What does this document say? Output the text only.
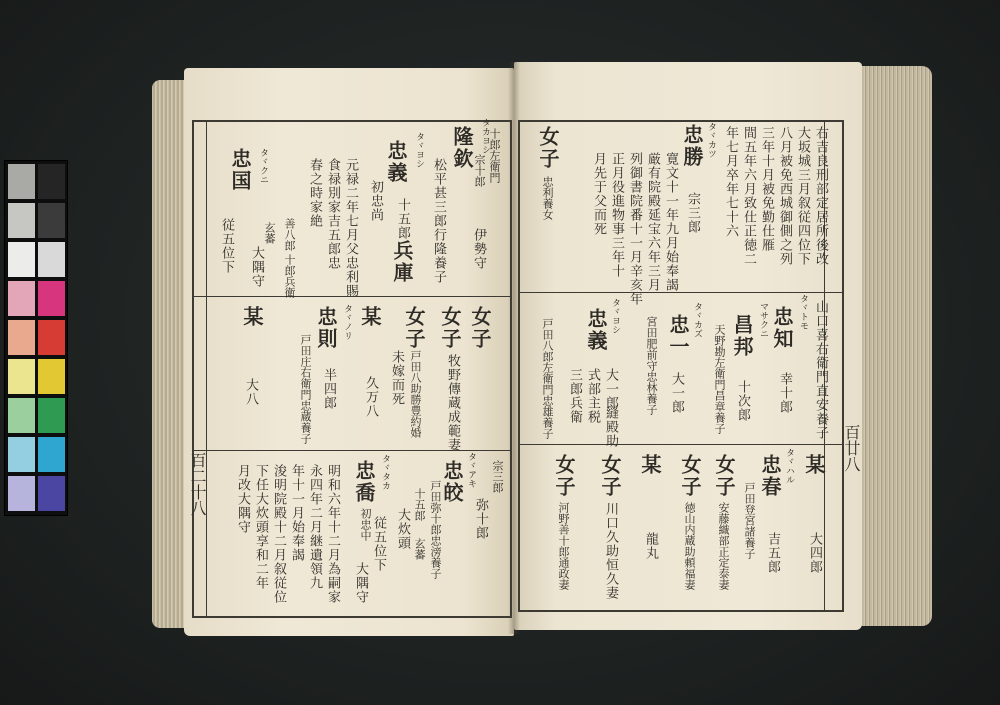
十郎左衛門
宗十郎
伊勢守
タカヨシ
隆欽
松平甚三郎行隆養子
タヾヨシ
忠義
十五郎
初忠尚
兵庫
元禄二年七月父忠利賜
食禄別家吉五郎忠
春之時家絶
タヾクニ
忠国
善八郎
十郎兵衛
玄蕃
大隅守
従五位下
女子
女子
牧野傳蔵成範妻
女子
戸田八助勝豊約婚
未嫁而死
某
久万八
タヾノリ
忠則
半四郎
戸田庄右衛門忠蔵養子
某
大八
宗三郎
弥十郎
タヾアキ
忠皎
戸田弥十郎忠滂養子
十五郎
玄蕃
大炊頭
タヾタカ
忠喬
初忠中 従五位下
大隅守
明和六年十二月為嗣家
永四年二月継遺領九
年十一月始奉謁
浚明院殿十二月叙従位
下任大炊頭享和二年
月改大隅守
百二十八
右吉良刑部定居所後改
大坂城三月叙従四位下
八月被免西城御側之列
三年十月被免勤仕雁
間五年六月致仕正徳二
年七月卒年七十六
タヾカツ
忠勝
宗三郎
寛文十一年九月始奉謁
厳有院殿延宝六年三月
列御書院番十一月辛亥年
正月役進物事三年十
月先于父而死
女子
忠利養女
山口喜右衛門直安養子
タヾトモ
忠知
幸十郎
マサクニ
昌邦
十次郎
天野勘左衛門昌章養子
タヾカズ
忠一
大一郎
宮田肥前守忠林養子
タヾヨシ
忠義
大一郎
式部主税
縫殿助
三郎兵衛
戸田八郎左衛門忠雄養子
某
大四郎
タヾハル
忠春
吉五郎
戸田登宮諸養子
女子
安藤織部正定泰妻
女子
徳山内蔵助頼福妻
某
龍丸
女子
川口久助恒久妻
女子
河野善十郎通政妻
百廿八
